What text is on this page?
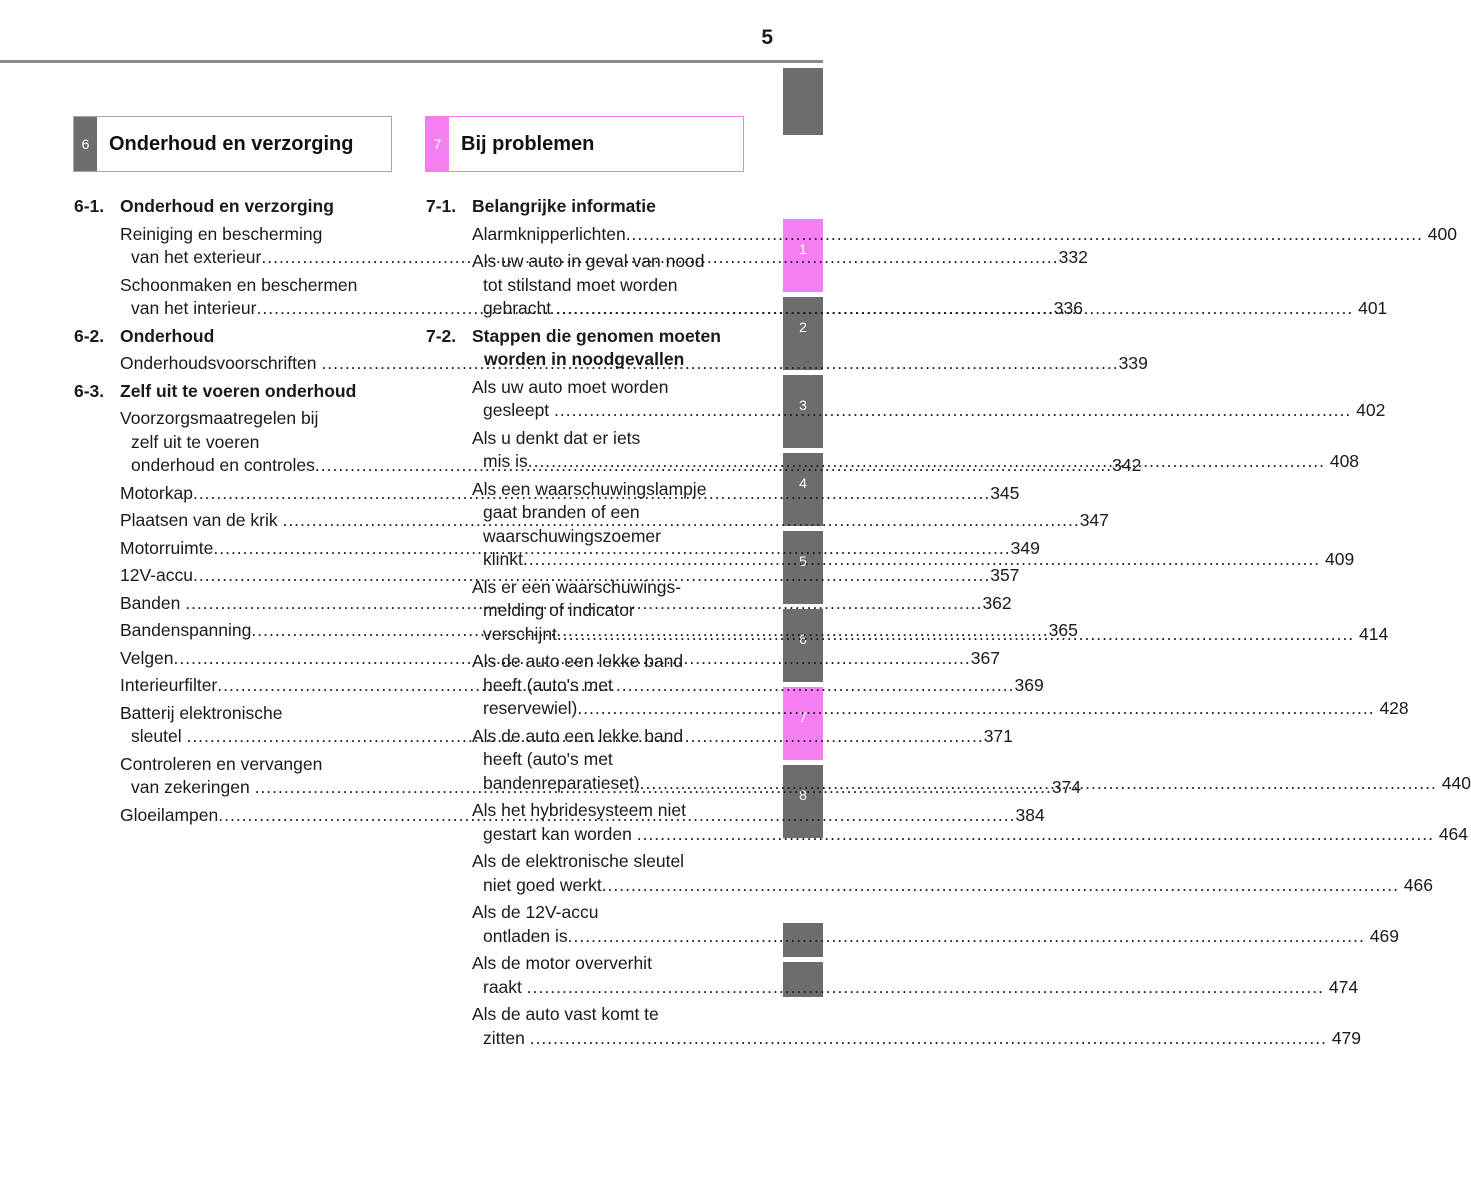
5
1
2
3
4
5
6
7
8
6 Onderhoud en verzorging	7 Bij problemen
6-1. Onderhoud en verzorging
Reiniging en bescherming
van het exterieur .....	332
Schoonmaken en beschermen
van het interieur .....	336
6-2. Onderhoud
Onderhoudsvoorschriften .....	339
6-3. Zelf uit te voeren onderhoud
Voorzorgsmaatregelen bij
zelf uit te voeren
onderhoud en controles .....	342
Motorkap .....	345
Plaatsen van de krik .....	347
Motorruimte .....	349
12V-accu .....	357
Banden .....	362
Bandenspanning .....	365
Velgen .....	367
Interieurfilter .....	369
Batterij elektronische
sleutel .....	371
Controleren en vervangen
van zekeringen .....	374
Gloeilampen .....	384
7-1. Belangrijke informatie
Alarmknipperlichten .....	400
Als uw auto in geval van nood
tot stilstand moet worden
gebracht .....	401
7-2. Stappen die genomen moeten
worden in noodgevallen
Als uw auto moet worden
gesleept .....	402
Als u denkt dat er iets
mis is .....	408
Als een waarschuwingslampje
gaat branden of een
waarschuwingszoemer
klinkt .....	409
Als er een waarschuwings-
melding of indicator
verschijnt .....	414
Als de auto een lekke band
heeft (auto's met
reservewiel) .....	428
Als de auto een lekke band
heeft (auto's met
bandenreparatieset) .....	440
Als het hybridesysteem niet
gestart kan worden .....	464
Als de elektronische sleutel
niet goed werkt .....	466
Als de 12V-accu
ontladen is .....	469
Als de motor oververhit
raakt .....	474
Als de auto vast komt te
zitten .....	479
